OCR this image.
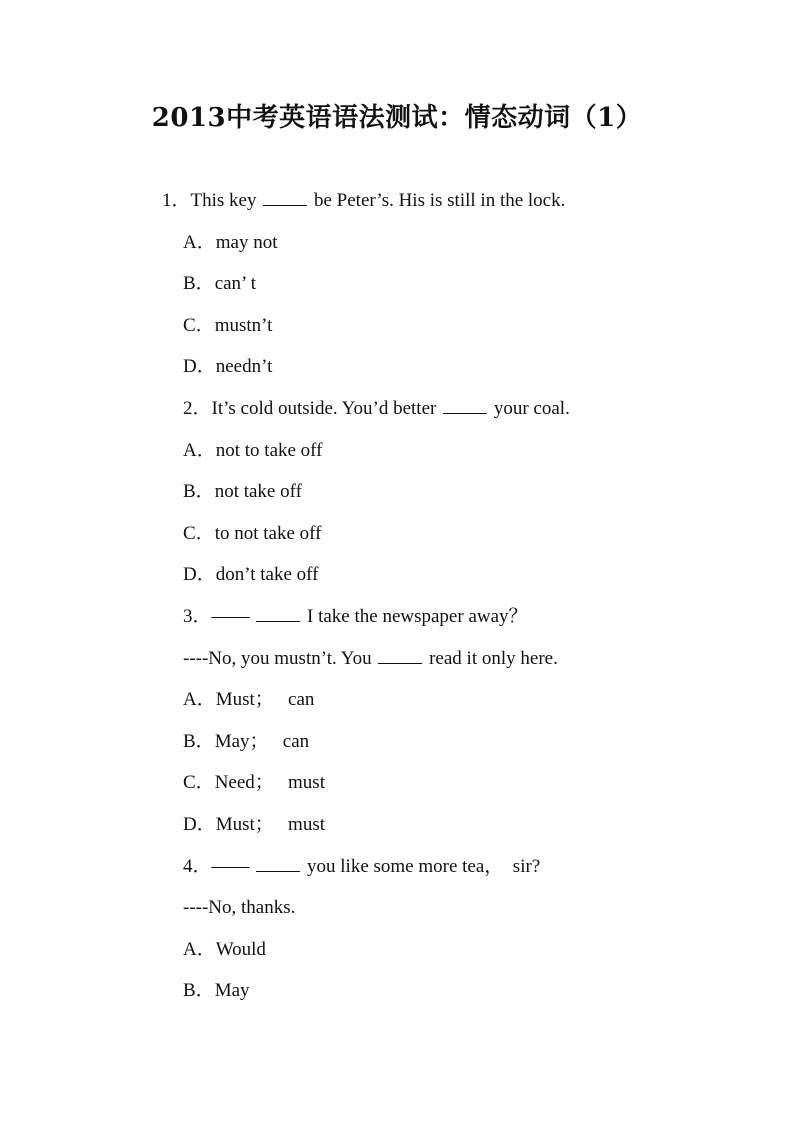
2013中考英语语法测试：情态动词（1）
1．This key	be Peter’s. His is still in the lock.
A．may not
B．can’ t
C．mustn’t
D．needn’t
2．It’s cold outside. You’d better	your coal.
A．not to take off
B．not take off
C．to not take off
D．don’t take off
3．——	I take the newspaper away？
----No, you mustn’t. You	read it only here.
A．Must；   can
B．May；   can
C．Need；   must
D．Must；   must
4．——	you like some more tea，  sir?
----No, thanks.
A．Would
B．May
